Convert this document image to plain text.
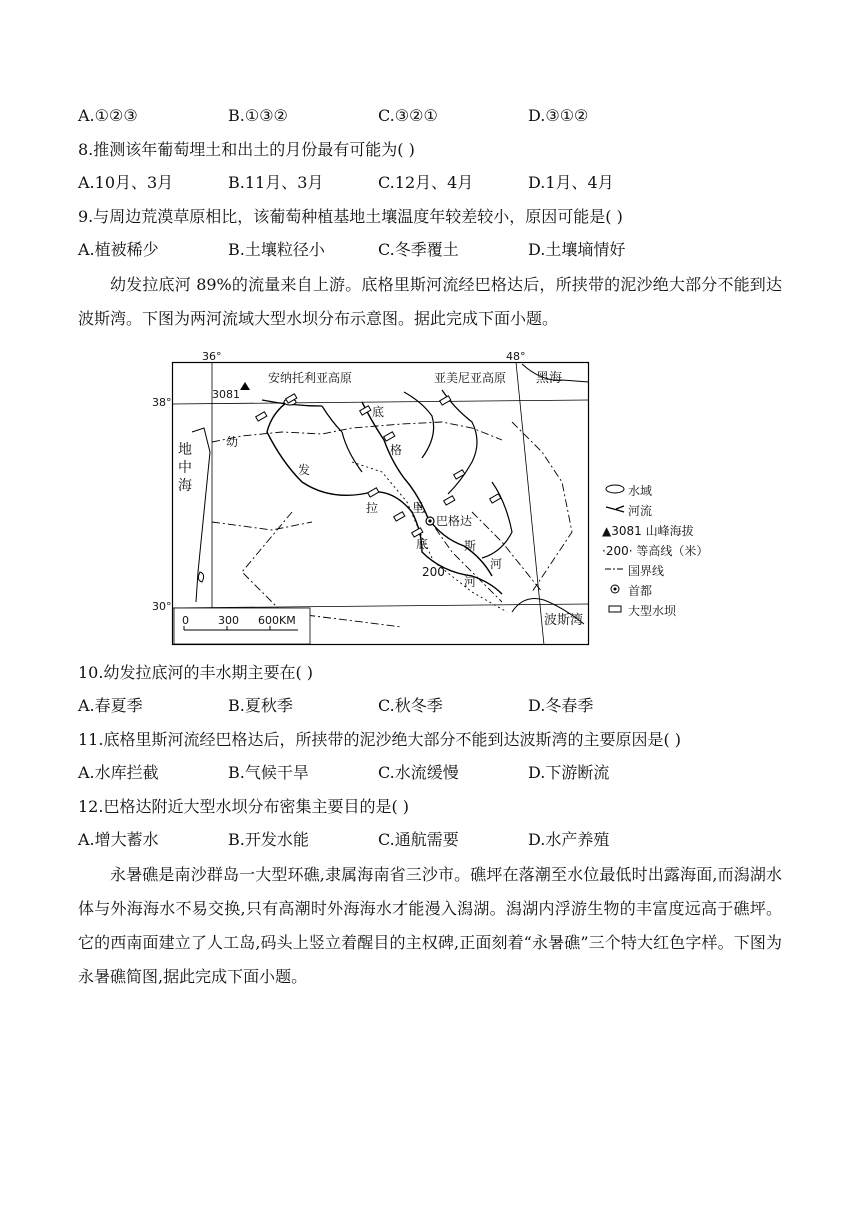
A.①②③	B.①③②	C.③②①	D.③①②
8.推测该年葡萄埋土和出土的月份最有可能为( )
A.10月、3月	B.11月、3月	C.12月、4月	D.1月、4月
9.与周边荒漠草原相比，该葡萄种植基地土壤温度年较差较小，原因可能是( )
A.植被稀少	B.土壤粒径小	C.冬季覆土	D.土壤墒情好
幼发拉底河 89%的流量来自上游。底格里斯河流经巴格达后，所挟带的泥沙绝大部分不能到达波斯湾。下图为两河流域大型水坝分布示意图。据此完成下面小题。
36°	48°
3081
安纳托利亚高原	亚美尼亚高原 黑海
波斯湾
巴格达
200
幼
发
拉
底
河
底
格
里
斯
河
0	300 600KM
地
中
海
38°
30°
水域
河流
▲3081 山峰海拔
·200· 等高线（米）
国界线
首都
大型水坝
10.幼发拉底河的丰水期主要在( )
A.春夏季	B.夏秋季	C.秋冬季	D.冬春季
11.底格里斯河流经巴格达后，所挟带的泥沙绝大部分不能到达波斯湾的主要原因是( )
A.水库拦截	B.气候干旱	C.水流缓慢	D.下游断流
12.巴格达附近大型水坝分布密集主要目的是( )
A.增大蓄水	B.开发水能	C.通航需要	D.水产养殖
永暑礁是南沙群岛一大型环礁,隶属海南省三沙市。礁坪在落潮至水位最低时出露海面,而潟湖水体与外海海水不易交换,只有高潮时外海海水才能漫入潟湖。潟湖内浮游生物的丰富度远高于礁坪。它的西南面建立了人工岛,码头上竖立着醒目的主权碑,正面刻着“永暑礁”三个特大红色字样。下图为永暑礁简图,据此完成下面小题。
